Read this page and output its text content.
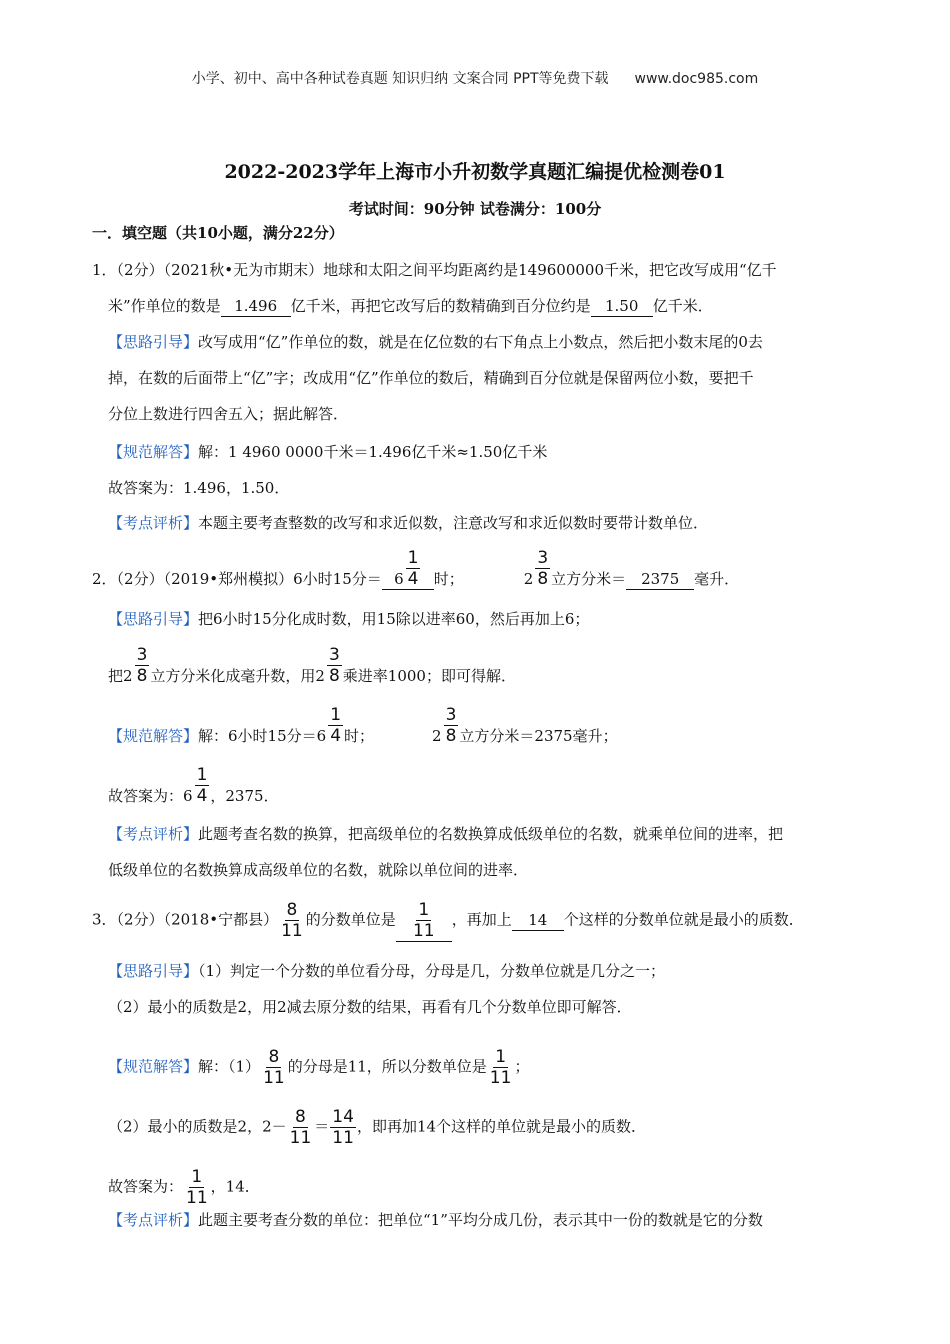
小学、初中、高中各种试卷真题 知识归纳 文案合同 PPT等免费下载 www.doc985.com
2022-2023学年上海市小升初数学真题汇编提优检测卷01
考试时间：90分钟 试卷满分：100分
一．填空题（共10小题，满分22分）
1．（2分）（2021秋•无为市期末）地球和太阳之间平均距离约是149600000千米，把它改写成用“亿千
米”作单位的数是 1.496 亿千米，再把它改写后的数精确到百分位约是 1.50 亿千米．
【思路引导】改写成用“亿”作单位的数，就是在亿位数的右下角点上小数点，然后把小数末尾的0去
掉，在数的后面带上“亿”字；改成用“亿”作单位的数后，精确到百分位就是保留两位小数，要把千
分位上数进行四舍五入；据此解答．
【规范解答】解：1 4960 0000千米＝1.496亿千米≈1.50亿千米
故答案为：1.496，1.50．
【考点评析】本题主要考查整数的改写和求近似数，注意改写和求近似数时要带计数单位．
2．（2分）（2019•郑州模拟）6小时15分＝ $6 \frac{1}{4}$ 时；	$2 \frac{3}{8}$ 立方分米＝ 2375 毫升．
【思路引导】把6小时15分化成时数，用15除以进率60，然后再加上6；
把 $2 \frac{3}{8}$ 立方分米化成毫升数，用 $2 \frac{3}{8}$ 乘进率1000；即可得解．
【规范解答】解：6小时15分＝ $6 \frac{1}{4}$ 时；	$2 \frac{3}{8}$ 立方分米＝2375毫升；
故答案为： $6 \frac{1}{4}$ ，2375．
【考点评析】此题考查名数的换算，把高级单位的名数换算成低级单位的名数，就乘单位间的进率，把
低级单位的名数换算成高级单位的名数，就除以单位间的进率．
3．（2分）（2018•宁都县） $\frac{8}{11}$ 的分数单位是 $\frac{1}{11}$ ，再加上 14 个这样的分数单位就是最小的质数．
【思路引导】（1）判定一个分数的单位看分母，分母是几，分数单位就是几分之一；
（2）最小的质数是2，用2减去原分数的结果，再看有几个分数单位即可解答．
【规范解答】解：$(1) \frac{8}{11}$ 的分母是11，所以分数单位是 $\frac{1}{11}$ ；
（2）最小的质数是2，$2- \frac{8}{11} = \frac{14}{11}$ ，即再加14个这样的单位就是最小的质数．
故答案为： $\frac{1}{11}$ ，14．
【考点评析】此题主要考查分数的单位：把单位“1”平均分成几份，表示其中一份的数就是它的分数
